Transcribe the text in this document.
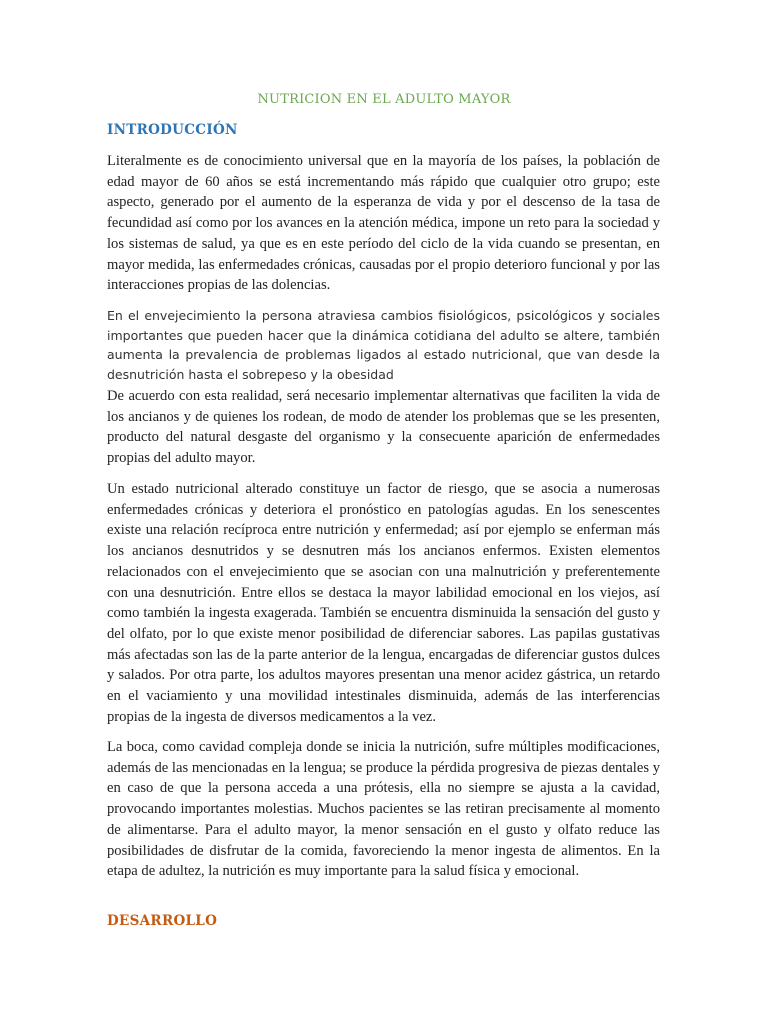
NUTRICION EN EL ADULTO MAYOR
INTRODUCCIÓN

Literalmente es de conocimiento universal que en la mayoría de los países, la población de edad mayor de 60 años se está incrementando más rápido que cualquier otro grupo; este aspecto, generado por el aumento de la esperanza de vida y por el descenso de la tasa de fecundidad así como por los avances en la atención médica, impone un reto para la sociedad y los sistemas de salud, ya que es en este período del ciclo de la vida cuando se presentan, en mayor medida, las enfermedades crónicas, causadas por el propio deterioro funcional y por las interacciones propias de las dolencias.

En el envejecimiento la persona atraviesa cambios fisiológicos, psicológicos y sociales importantes que pueden hacer que la dinámica cotidiana del adulto se altere, también aumenta la prevalencia de problemas ligados al estado nutricional, que van desde la desnutrición hasta el sobrepeso y la obesidad

De acuerdo con esta realidad, será necesario implementar alternativas que faciliten la vida de los ancianos y de quienes los rodean, de modo de atender los problemas que se les presenten, producto del natural desgaste del organismo y la consecuente aparición de enfermedades propias del adulto mayor.

Un estado nutricional alterado constituye un factor de riesgo, que se asocia a numerosas enfermedades crónicas y deteriora el pronóstico en patologías agudas. En los senescentes existe una relación recíproca entre nutrición y enfermedad; así por ejemplo se enferman más los ancianos desnutridos y se desnutren más los ancianos enfermos. Existen elementos relacionados con el envejecimiento que se asocian con una malnutrición y preferentemente con una desnutrición. Entre ellos se destaca la mayor labilidad emocional en los viejos, así como también la ingesta exagerada. También se encuentra disminuida la sensación del gusto y del olfato, por lo que existe menor posibilidad de diferenciar sabores. Las papilas gustativas más afectadas son las de la parte anterior de la lengua, encargadas de diferenciar gustos dulces y salados. Por otra parte, los adultos mayores presentan una menor acidez gástrica, un retardo en el vaciamiento y una movilidad intestinales disminuida, además de las interferencias propias de la ingesta de diversos medicamentos a la vez.

La boca, como cavidad compleja donde se inicia la nutrición, sufre múltiples modificaciones, además de las mencionadas en la lengua; se produce la pérdida progresiva de piezas dentales y en caso de que la persona acceda a una prótesis, ella no siempre se ajusta a la cavidad, provocando importantes molestias. Muchos pacientes se las retiran precisamente al momento de alimentarse. Para el adulto mayor, la menor sensación en el gusto y olfato reduce las posibilidades de disfrutar de la comida, favoreciendo la menor ingesta de alimentos. En la etapa de adultez, la nutrición es muy importante para la salud física y emocional.

DESARROLLO
